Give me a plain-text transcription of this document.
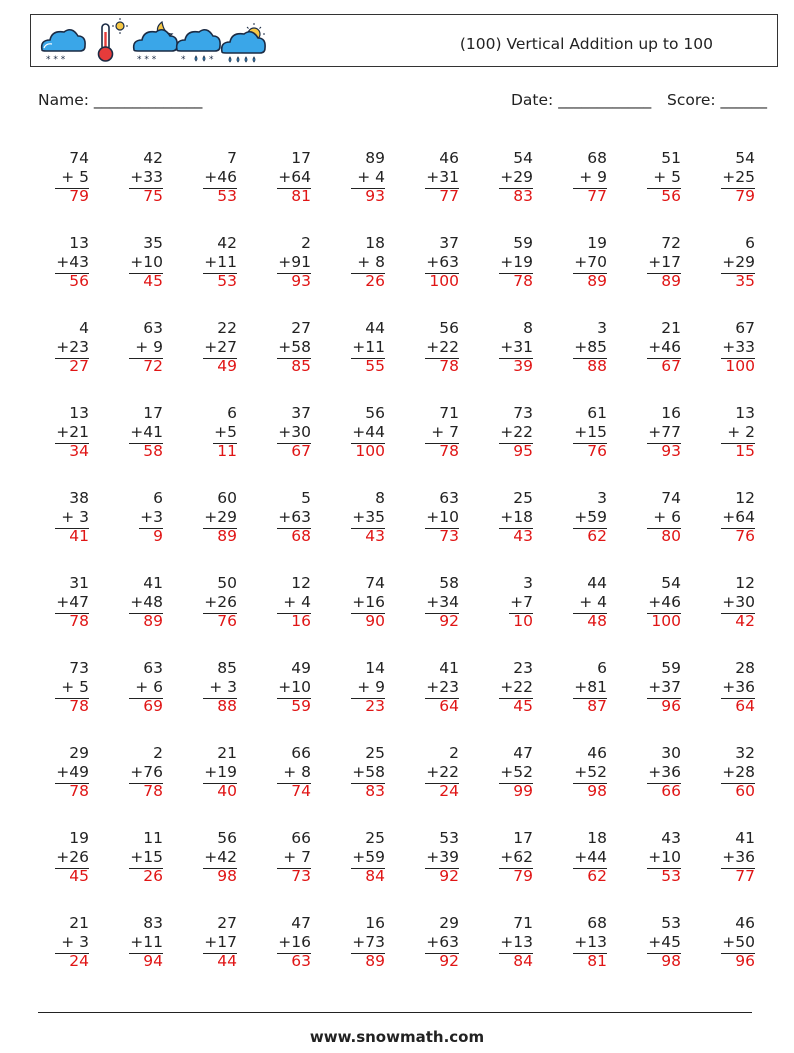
(100) Vertical Addition up to 100
* * *	* * *	*	*
Name: ______________	Date: ____________ Score: ______
74
+ 5
79
42
+33
75
7
+46
53
17
+64
81
89
+ 4
93
46
+31
77
54
+29
83
68
+ 9
77
51
+ 5
56
54
+25
79
13
+43
56
35
+10
45
42
+11
53
2
+91
93
18
+ 8
26
37
+63
100
59
+19
78
19
+70
89
72
+17
89
6
+29
35
4
+23
27
63
+ 9
72
22
+27
49
27
+58
85
44
+11
55
56
+22
78
8
+31
39
3
+85
88
21
+46
67
67
+33
100
13
+21
34
17
+41
58
6
+5
11
37
+30
67
56
+44
100
71
+ 7
78
73
+22
95
61
+15
76
16
+77
93
13
+ 2
15
38
+ 3
41
6
+3
9
60
+29
89
5
+63
68
8
+35
43
63
+10
73
25
+18
43
3
+59
62
74
+ 6
80
12
+64
76
31
+47
78
41
+48
89
50
+26
76
12
+ 4
16
74
+16
90
58
+34
92
3
+7
10
44
+ 4
48
54
+46
100
12
+30
42
73
+ 5
78
63
+ 6
69
85
+ 3
88
49
+10
59
14
+ 9
23
41
+23
64
23
+22
45
6
+81
87
59
+37
96
28
+36
64
29
+49
78
2
+76
78
21
+19
40
66
+ 8
74
25
+58
83
2
+22
24
47
+52
99
46
+52
98
30
+36
66
32
+28
60
19
+26
45
11
+15
26
56
+42
98
66
+ 7
73
25
+59
84
53
+39
92
17
+62
79
18
+44
62
43
+10
53
41
+36
77
21
+ 3
24
83
+11
94
27
+17
44
47
+16
63
16
+73
89
29
+63
92
71
+13
84
68
+13
81
53
+45
98
46
+50
96
www.snowmath.com
